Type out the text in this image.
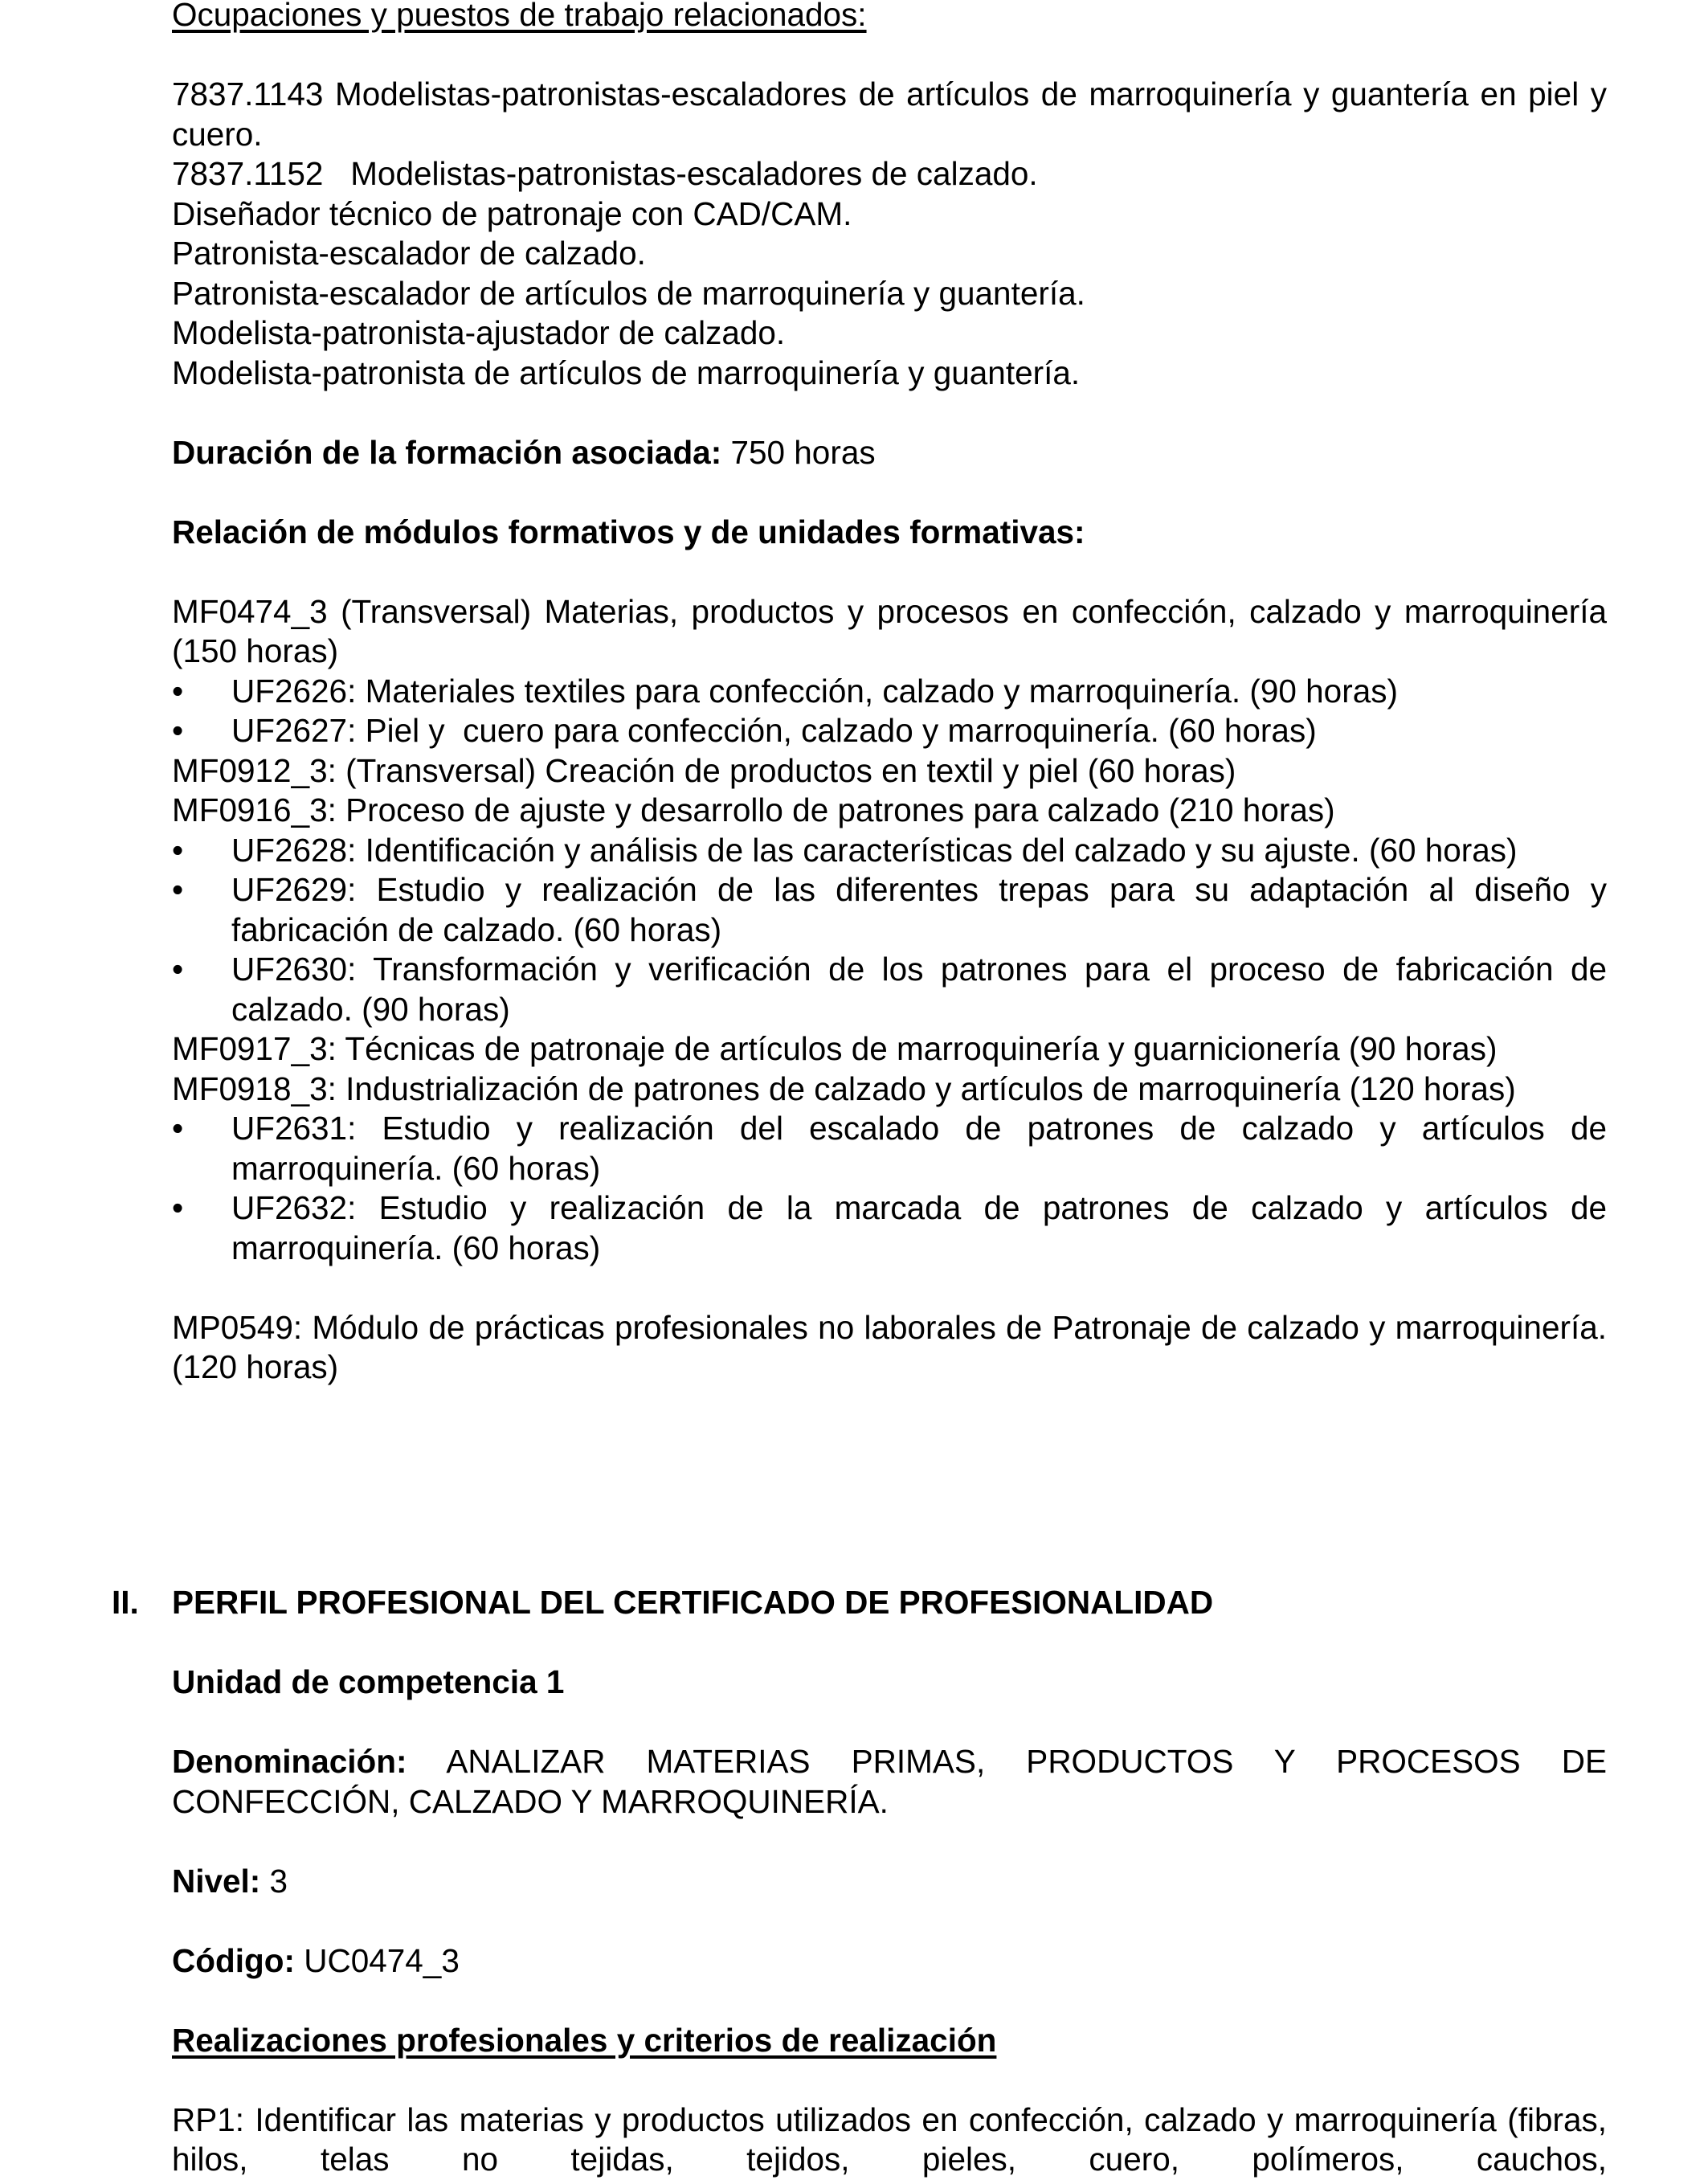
Ocupaciones y puestos de trabajo relacionados:
7837.1143 Modelistas-patronistas-escaladores de artículos de marroquinería y guantería en piel y cuero.
7837.1152   Modelistas-patronistas-escaladores de calzado.
Diseñador técnico de patronaje con CAD/CAM.
Patronista-escalador de calzado.
Patronista-escalador de artículos de marroquinería y guantería.
Modelista-patronista-ajustador de calzado.
Modelista-patronista de artículos de marroquinería y guantería.
Duración de la formación asociada: 750 horas
Relación de módulos formativos y de unidades formativas:
MF0474_3 (Transversal) Materias, productos y procesos en confección, calzado y marroquinería (150 horas)
•	UF2626: Materiales textiles para confección, calzado y marroquinería. (90 horas)
•	UF2627: Piel y  cuero para confección, calzado y marroquinería. (60 horas)
MF0912_3: (Transversal) Creación de productos en textil y piel (60 horas)
MF0916_3: Proceso de ajuste y desarrollo de patrones para calzado (210 horas)
•	UF2628: Identificación y análisis de las características del calzado y su ajuste. (60 horas)
•	UF2629: Estudio y realización de las diferentes trepas para su adaptación al diseño y fabricación de calzado. (60 horas)
•	UF2630: Transformación y verificación de los patrones para el proceso de fabricación de calzado. (90 horas)
MF0917_3: Técnicas de patronaje de artículos de marroquinería y guarnicionería (90 horas)
MF0918_3: Industrialización de patrones de calzado y artículos de marroquinería (120 horas)
•	UF2631: Estudio y realización del escalado de patrones de calzado y artículos de marroquinería. (60 horas)
•	UF2632: Estudio y realización de la marcada de patrones de calzado y artículos de marroquinería. (60 horas)
MP0549: Módulo de prácticas profesionales no laborales de Patronaje de calzado y marroquinería. (120 horas)
II. PERFIL PROFESIONAL DEL CERTIFICADO DE PROFESIONALIDAD
Unidad de competencia 1
Denominación: ANALIZAR MATERIAS PRIMAS, PRODUCTOS Y PROCESOS DE CONFECCIÓN, CALZADO Y MARROQUINERÍA.
Nivel: 3
Código: UC0474_3
Realizaciones profesionales y criterios de realización
RP1: Identificar las materias y productos utilizados en confección, calzado y marroquinería (fibras, hilos, telas no tejidas, tejidos, pieles, cuero, polímeros, cauchos,
